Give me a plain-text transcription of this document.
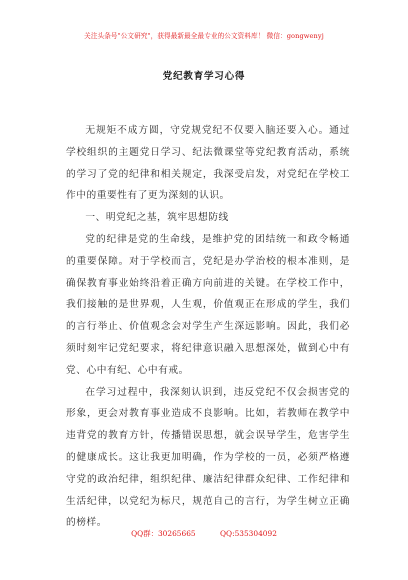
关注头条号"公文研究"，获得最新最全最专业的公文资料库！ 微信：gongwenyj
党纪教育学习心得

无规矩不成方圆，守党规党纪不仅要入脑还要入心。通过学校组织的主题党日学习、纪法微课堂等党纪教育活动，系统的学习了党的纪律和相关规定，我深受启发，对党纪在学校工作中的重要性有了更为深刻的认识。

一、明党纪之基，筑牢思想防线

党的纪律是党的生命线，是维护党的团结统一和政令畅通的重要保障。对于学校而言，党纪是办学治校的根本准则，是确保教育事业始终沿着正确方向前进的关键。在学校工作中，我们接触的是世界观，人生观，价值观正在形成的学生，我们的言行举止、价值观念会对学生产生深远影响。因此，我们必须时刻牢记党纪要求，将纪律意识融入思想深处，做到心中有党、心中有纪、心中有戒。

在学习过程中，我深刻认识到，违反党纪不仅会损害党的形象，更会对教育事业造成不良影响。比如，若教师在教学中违背党的教育方针，传播错误思想，就会误导学生，危害学生的健康成长。这让我更加明确，作为学校的一员，必须严格遵守党的政治纪律，组织纪律、廉洁纪律群众纪律、工作纪律和生活纪律，以党纪为标尺，规范自己的言行，为学生树立正确的榜样。

QQ群：30265665	QQ:535304092
